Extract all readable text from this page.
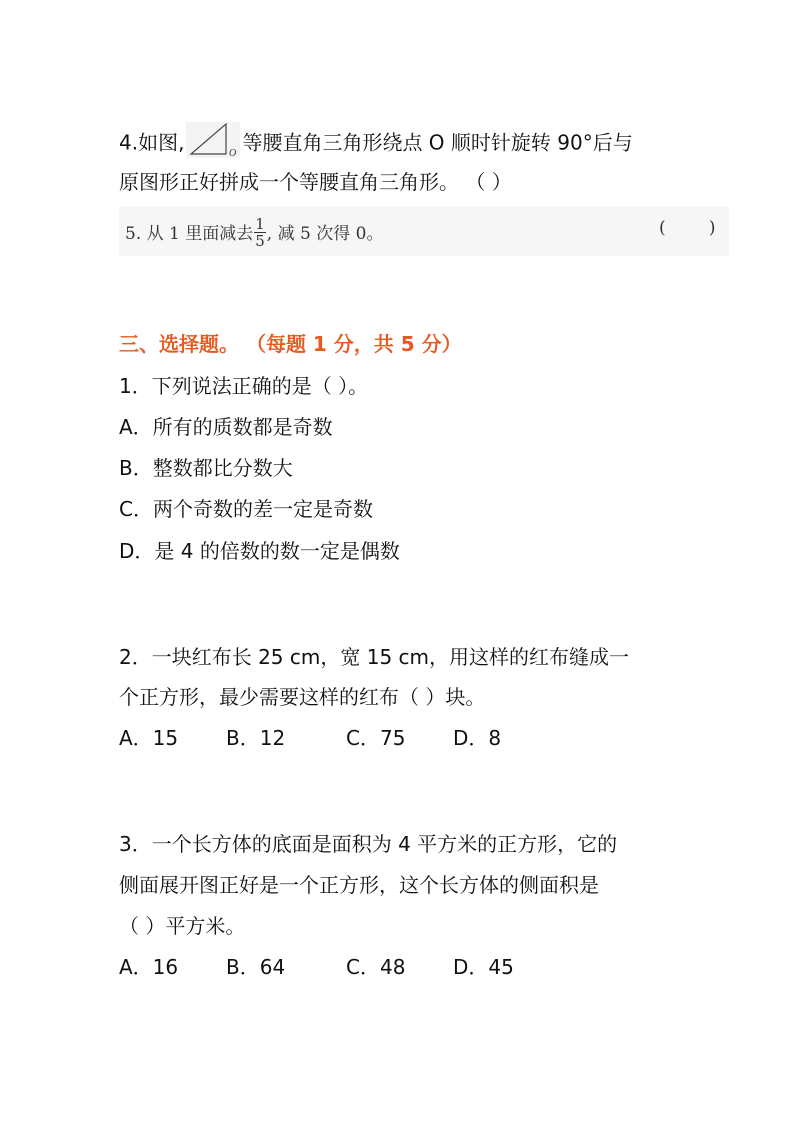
4.如图,	O 等腰直角三角形绕点 O 顺时针旋转 90°后与
原图形正好拼成一个等腰直角三角形。 （ ）
5. 从 1 里面减去 $\frac{1}{5}$ , 减 5 次得 0。	(        )
三、选择题。 （每题 1 分，共 5 分）
1．下列说法正确的是（ ）。
A．所有的质数都是奇数
B．整数都比分数大
C．两个奇数的差一定是奇数
D．是 4 的倍数的数一定是偶数
2．一块红布长 25 cm，宽 15 cm，用这样的红布缝成一
个正方形，最少需要这样的红布（ ）块。
A．15 B．12	C．75 D．8
3．一个长方体的底面是面积为 4 平方米的正方形，它的
侧面展开图正好是一个正方形，这个长方体的侧面积是
（ ）平方米。
A．16 B．64	C．48 D．45
